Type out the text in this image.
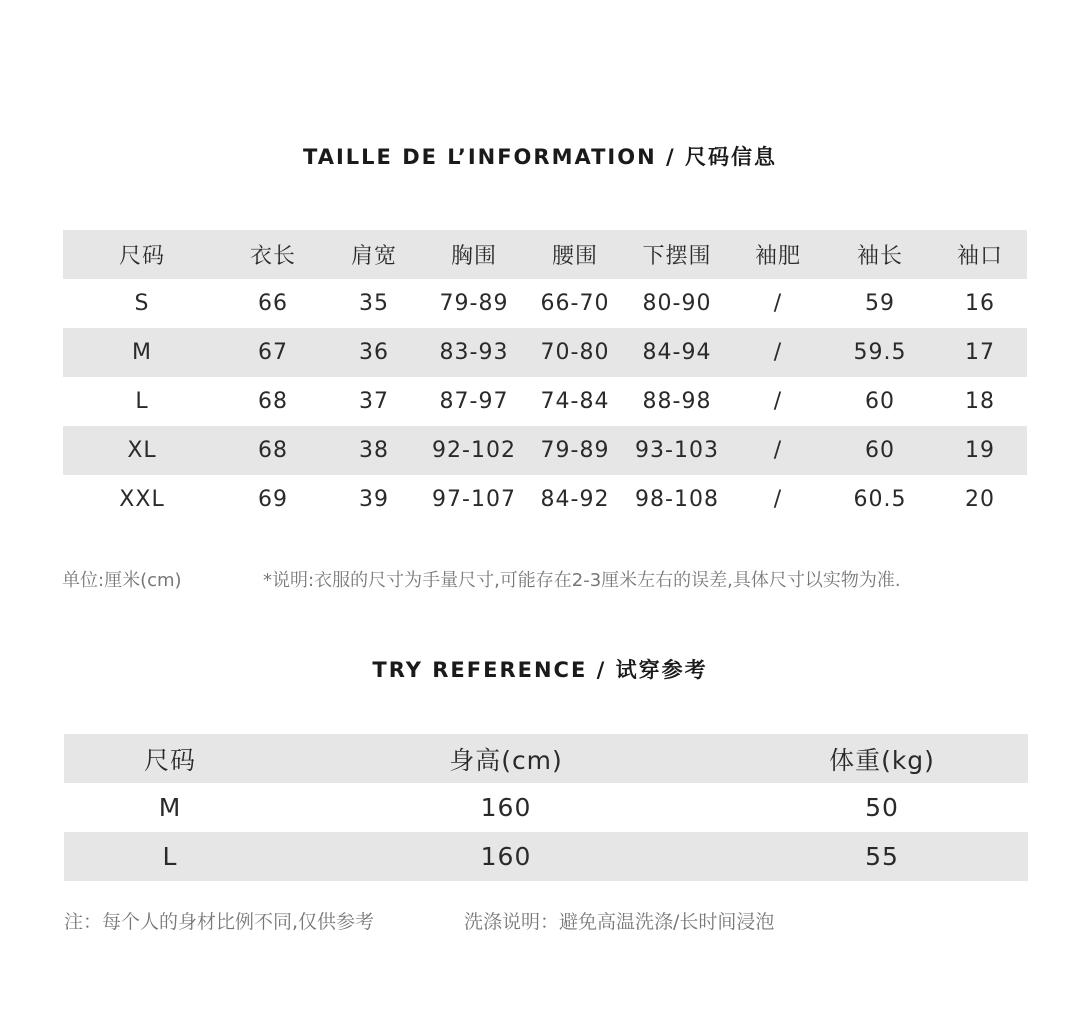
TAILLE DE L’INFORMATION / 尺码信息
尺码	衣长	肩宽	胸围	腰围	下摆围	袖肥	袖长	袖口
S	66	35	79-89	66-70	80-90	/	59	16
M	67	36	83-93	70-80	84-94	/	59.5	17
L	68	37	87-97	74-84	88-98	/	60	18
XL	68	38	92-102	79-89	93-103	/	60	19
XXL	69	39	97-107	84-92	98-108	/	60.5	20
单位:厘米(cm)	*说明:衣服的尺寸为手量尺寸,可能存在2-3厘米左右的误差,具体尺寸以实物为准.
TRY REFERENCE / 试穿参考
尺码	身高(cm)	体重(kg)
M	160	50
L	160	55
注：每个人的身材比例不同,仅供参考	洗涤说明：避免高温洗涤/长时间浸泡
